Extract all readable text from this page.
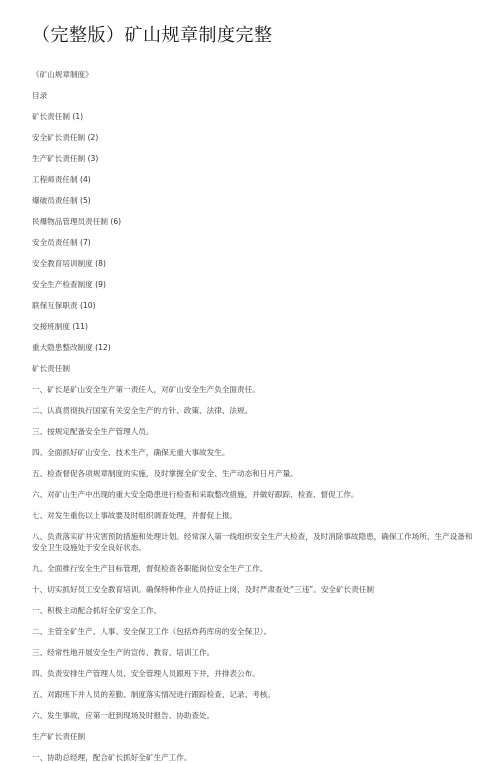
（完整版）矿山规章制度完整

《矿山规章制度》

目录

矿长责任制 (1)

安全矿长责任制 (2)

生产矿长责任制 (3)

工程师责任制 (4)

爆破员责任制 (5)

民爆物品管理员责任制 (6)

安全员责任制 (7)

安全教育培训制度 (8)

安全生产检查制度 (9)

联保互保职责 (10)

交接班制度 (11)

重大隐患整改制度 (12)

矿长责任制

一、矿长是矿山安全生产第一责任人，对矿山安全生产负全面责任。

二、认真贯彻执行国家有关安全生产的方针、政策、法律、法规。

三、按规定配备安全生产管理人员。

四、全面抓好矿山安全、技术生产，确保无重大事故发生。

五、检查督促各项规章制度的实施，及时掌握全矿安全、生产动态和日月产量。

六、对矿山生产中出现的重大安全隐患进行检查和采取整改措施，并做好跟踪、检查、督促工作。

七、对发生重伤以上事故要及时组织调查处理，并督促上报。

八、负责落实矿井灾害预防措施和处理计划。经常深入第一线组织安全生产大检查，及时消除事故隐患，确保工作场所、生产设备和安全卫生设施处于安全良好状态。

九、全面推行安全生产目标管理，督促检查各职能岗位安全生产工作。

十、切实抓好员工安全教育培训。确保特种作业人员持证上岗，及时严肃查处“三违”。安全矿长责任制

一、积极主动配合抓好全矿安全工作。

二、主管全矿生产、人事、安全保卫工作（包括炸药库房的安全保卫）。

三、经常性地开展安全生产的宣传、教育、培训工作。

四、负责安排生产管理人员、安全管理人员跟班下井，并排表公布。

五、对跟班下井人员的差勤、制度落实情况进行跟踪检查、记录、考核。

六、发生事故，应第一赶到现场及时报告、协助查处。

生产矿长责任制

一、协助总经理，配合矿长抓好全矿生产工作。
